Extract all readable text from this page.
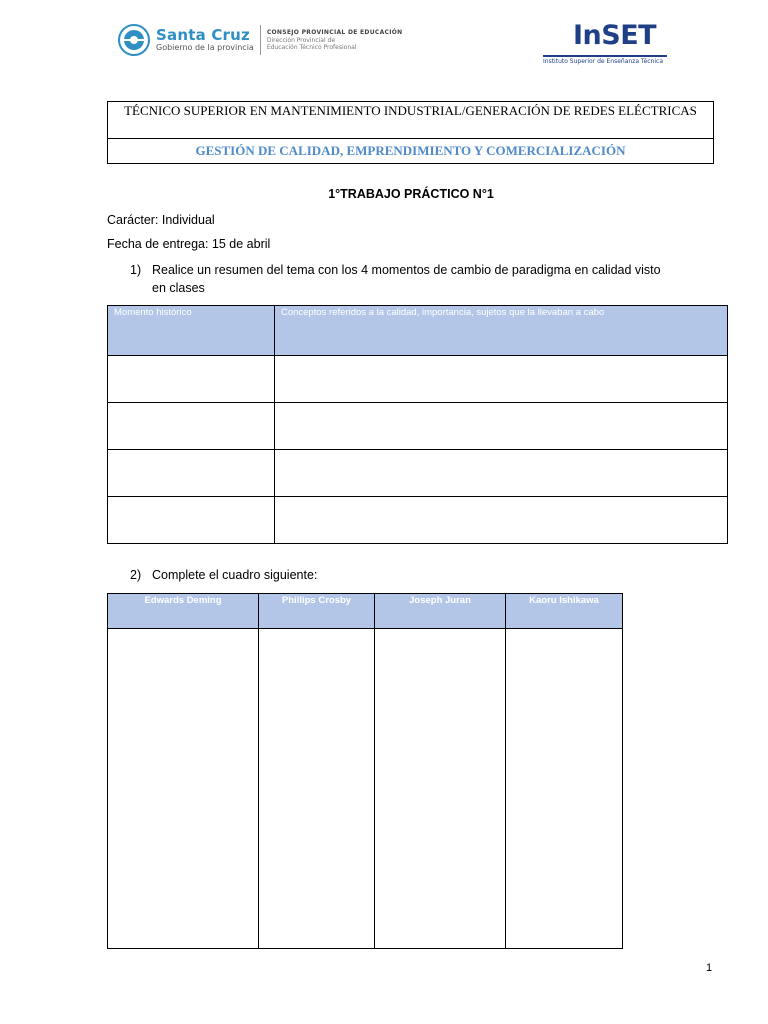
Santa Cruz
Gobierno de la provincia
CONSEJO PROVINCIAL DE EDUCACIÓN
Dirección Provincial de
Educación Técnico Profesional	InSET
Instituto Superior de Enseñanza Técnica
TÉCNICO SUPERIOR EN MANTENIMIENTO INDUSTRIAL/GENERACIÓN DE REDES ELÉCTRICAS
GESTIÓN DE CALIDAD, EMPRENDIMIENTO Y COMERCIALIZACIÓN
1°TRABAJO PRÁCTICO N°1
Carácter: Individual
Fecha de entrega: 15 de abril
1) Realice un resumen del tema con los 4 momentos de cambio de paradigma en calidad visto
en clases
Momento histórico	Conceptos referidos a la calidad, importancia, sujetos que la llevaban a cabo

2) Complete el cuadro siguiente:
Edwards Deming	Phillips Crosby	Joseph Juran	Kaoru Ishikawa

1
